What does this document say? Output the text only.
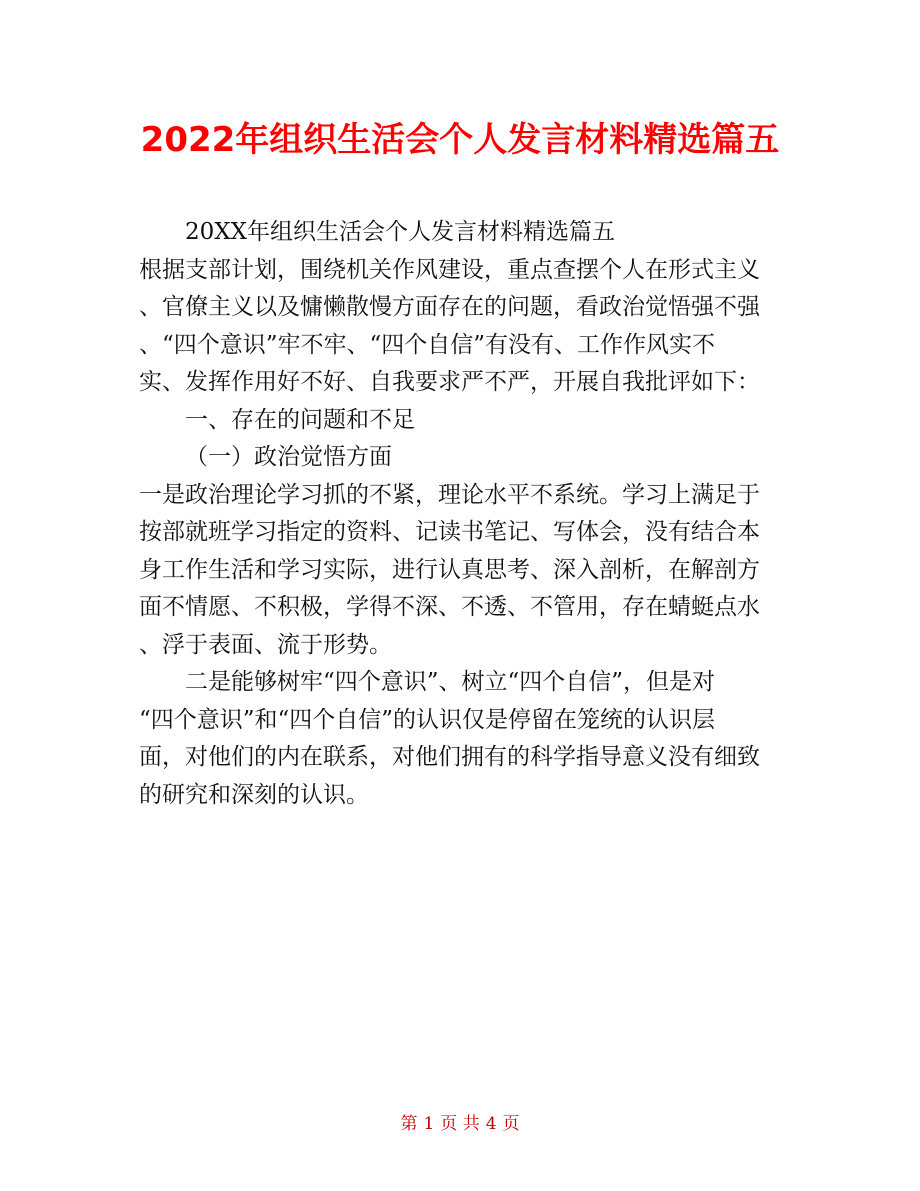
2022年组织生活会个人发言材料精选篇五
20XX年组织生活会个人发言材料精选篇五
根据支部计划，围绕机关作风建设，重点查摆个人在形式主义
、官僚主义以及慵懒散慢方面存在的问题，看政治觉悟强不强
、“四个意识”牢不牢、“四个自信”有没有、工作作风实不
实、发挥作用好不好、自我要求严不严，开展自我批评如下：
一、存在的问题和不足
（一）政治觉悟方面
一是政治理论学习抓的不紧，理论水平不系统。学习上满足于
按部就班学习指定的资料、记读书笔记、写体会，没有结合本
身工作生活和学习实际，进行认真思考、深入剖析，在解剖方
面不情愿、不积极，学得不深、不透、不管用，存在蜻蜓点水
、浮于表面、流于形势。
二是能够树牢“四个意识”、树立“四个自信”，但是对
“四个意识”和“四个自信”的认识仅是停留在笼统的认识层
面，对他们的内在联系，对他们拥有的科学指导意义没有细致
的研究和深刻的认识。
第 1 页 共 4 页
